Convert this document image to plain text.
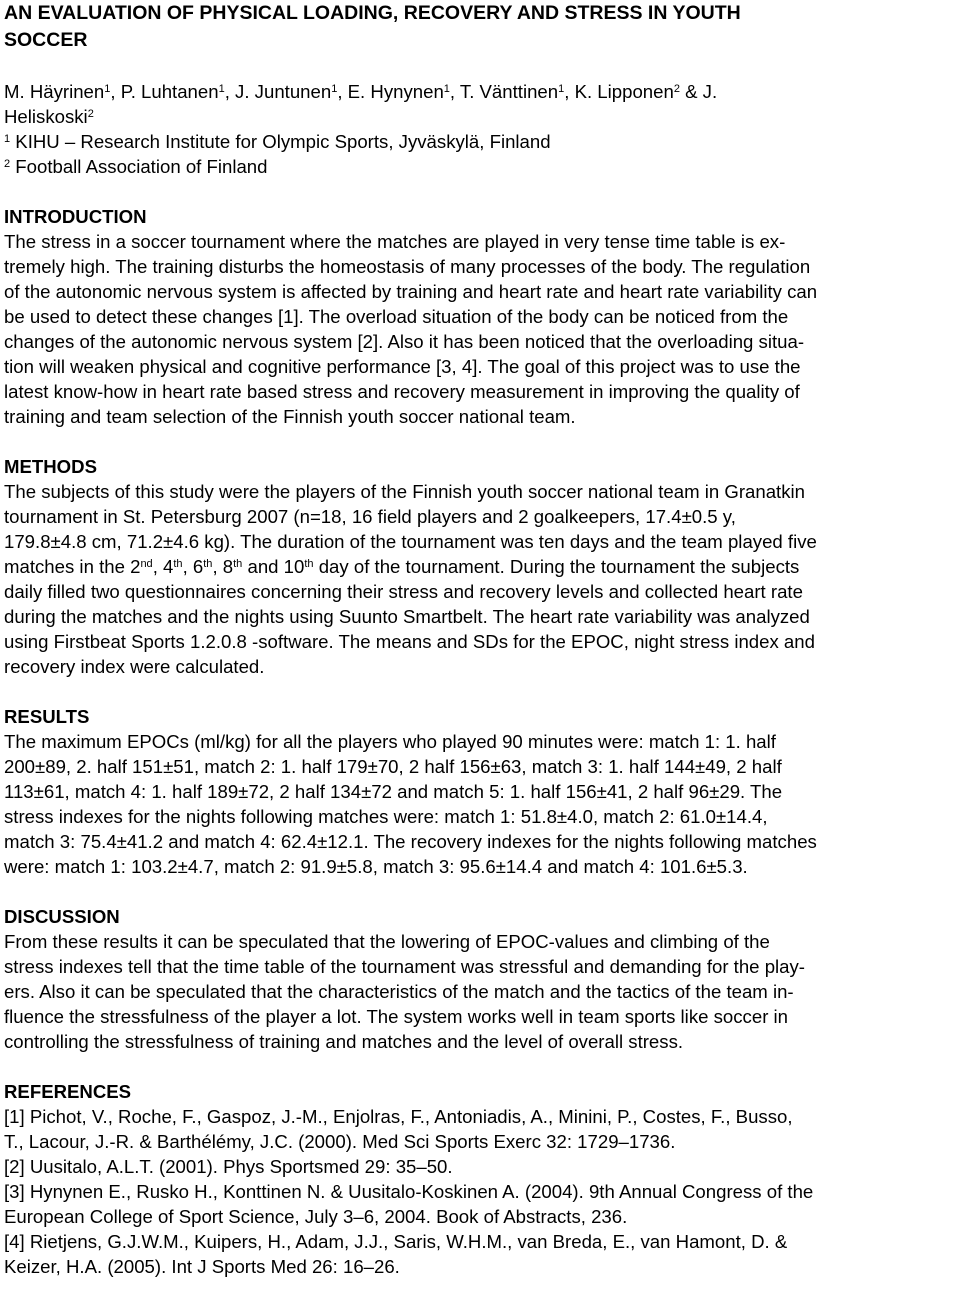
AN EVALUATION OF PHYSICAL LOADING, RECOVERY AND STRESS IN YOUTH
SOCCER
M. Häyrinen$^1$, P. Luhtanen$^1$, J. Juntunen$^1$, E. Hynynen$^1$, T. Vänttinen$^1$, K. Lipponen$^2$ & J.
Heliskoski$^2$
$^1$ KIHU – Research Institute for Olympic Sports, Jyväskylä, Finland
$^2$ Football Association of Finland
INTRODUCTION
The stress in a soccer tournament where the matches are played in very tense time table is ex-
tremely high. The training disturbs the homeostasis of many processes of the body. The regulation
of the autonomic nervous system is affected by training and heart rate and heart rate variability can
be used to detect these changes [1]. The overload situation of the body can be noticed from the
changes of the autonomic nervous system [2]. Also it has been noticed that the overloading situa-
tion will weaken physical and cognitive performance [3, 4]. The goal of this project was to use the
latest know-how in heart rate based stress and recovery measurement in improving the quality of
training and team selection of the Finnish youth soccer national team.
METHODS
The subjects of this study were the players of the Finnish youth soccer national team in Granatkin
tournament in St. Petersburg 2007 (n=18, 16 field players and 2 goalkeepers, 17.4±0.5 y,
179.8±4.8 cm, 71.2±4.6 kg). The duration of the tournament was ten days and the team played five
matches in the 2nd, 4th, 6th, 8th and 10th day of the tournament. During the tournament the subjects
daily filled two questionnaires concerning their stress and recovery levels and collected heart rate
during the matches and the nights using Suunto Smartbelt. The heart rate variability was analyzed
using Firstbeat Sports 1.2.0.8 -software. The means and SDs for the EPOC, night stress index and
recovery index were calculated.
RESULTS
The maximum EPOCs (ml/kg) for all the players who played 90 minutes were: match 1: 1. half
200±89, 2. half 151±51, match 2: 1. half 179±70, 2 half 156±63, match 3: 1. half 144±49, 2 half
113±61, match 4: 1. half 189±72, 2 half 134±72 and match 5: 1. half 156±41, 2 half 96±29. The
stress indexes for the nights following matches were: match 1: 51.8±4.0, match 2: 61.0±14.4,
match 3: 75.4±41.2 and match 4: 62.4±12.1. The recovery indexes for the nights following matches
were: match 1: 103.2±4.7, match 2: 91.9±5.8, match 3: 95.6±14.4 and match 4: 101.6±5.3.
DISCUSSION
From these results it can be speculated that the lowering of EPOC-values and climbing of the
stress indexes tell that the time table of the tournament was stressful and demanding for the play-
ers. Also it can be speculated that the characteristics of the match and the tactics of the team in-
fluence the stressfulness of the player a lot. The system works well in team sports like soccer in
controlling the stressfulness of training and matches and the level of overall stress.
REFERENCES
[1] Pichot, V., Roche, F., Gaspoz, J.-M., Enjolras, F., Antoniadis, A., Minini, P., Costes, F., Busso,
T., Lacour, J.-R. & Barthélémy, J.C. (2000). Med Sci Sports Exerc 32: 1729–1736.
[2] Uusitalo, A.L.T. (2001). Phys Sportsmed 29: 35–50.
[3] Hynynen E., Rusko H., Konttinen N. & Uusitalo-Koskinen A. (2004). 9th Annual Congress of the
European College of Sport Science, July 3–6, 2004. Book of Abstracts, 236.
[4] Rietjens, G.J.W.M., Kuipers, H., Adam, J.J., Saris, W.H.M., van Breda, E., van Hamont, D. &
Keizer, H.A. (2005). Int J Sports Med 26: 16–26.
